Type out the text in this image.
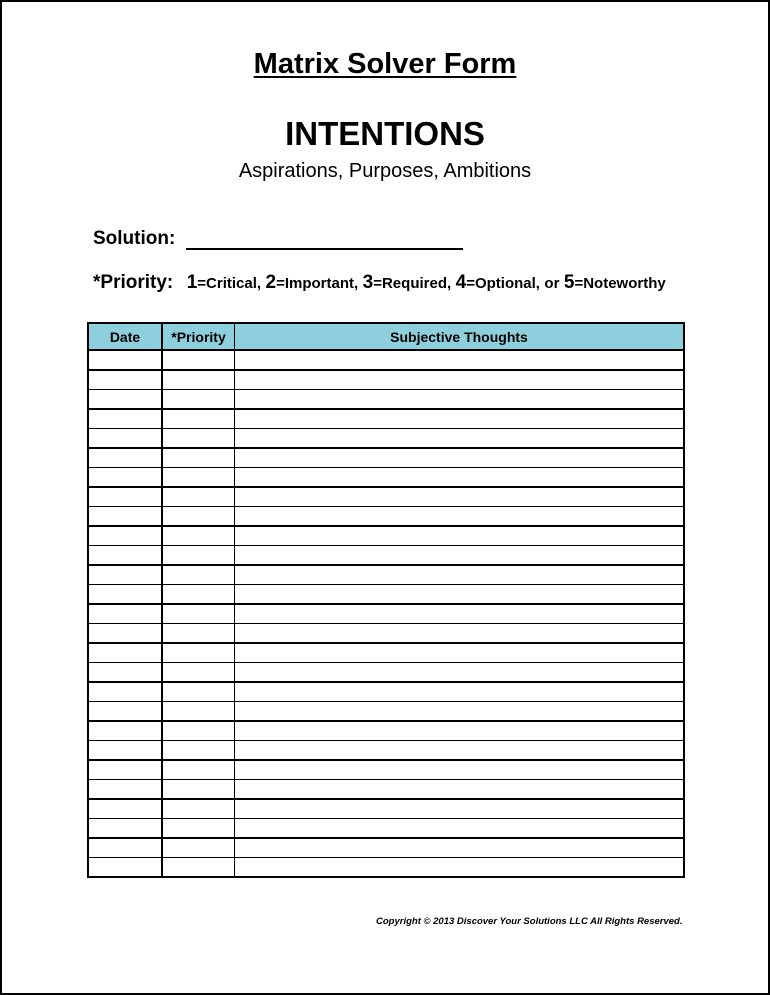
Matrix Solver Form
INTENTIONS
Aspirations, Purposes, Ambitions
Solution:
*Priority: 1=Critical, 2=Important, 3=Required, 4=Optional, or 5=Noteworthy
Date	*Priority	Subjective Thoughts

Copyright © 2013 Discover Your Solutions LLC All Rights Reserved.
